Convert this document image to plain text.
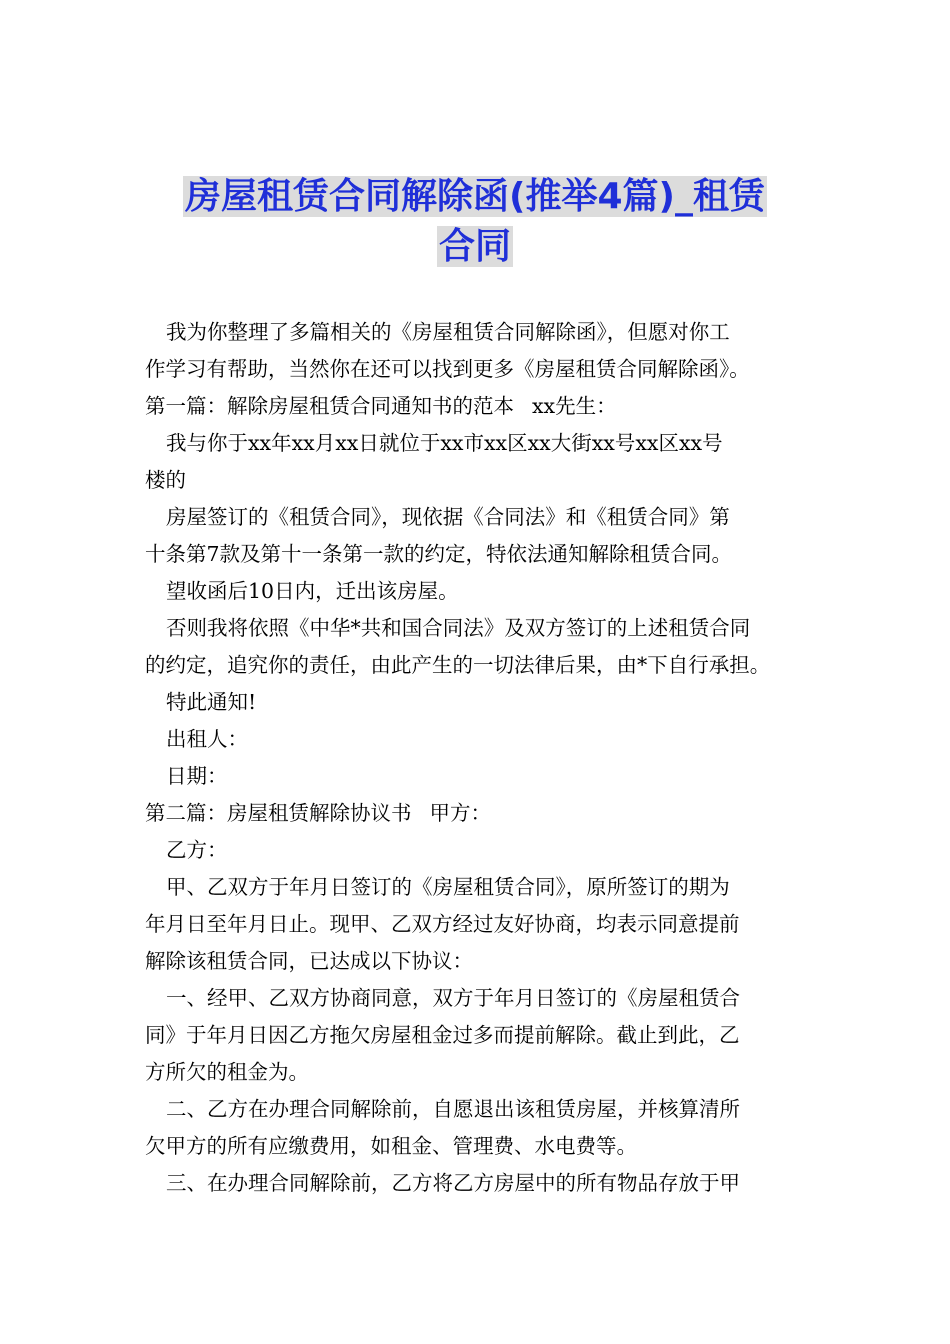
房屋租赁合同解除函(推举4篇)_租赁
合同

我为你整理了多篇相关的《房屋租赁合同解除函》，但愿对你工

作学习有帮助，当然你在还可以找到更多《房屋租赁合同解除函》。

第一篇：解除房屋租赁合同通知书的范本 xx先生：

我与你于xx年xx月xx日就位于xx市xx区xx大街xx号xx区xx号

楼的

房屋签订的《租赁合同》，现依据《合同法》和《租赁合同》第

十条第7款及第十一条第一款的约定，特依法通知解除租赁合同。

望收函后10日内，迁出该房屋。

否则我将依照《中华*共和国合同法》及双方签订的上述租赁合同

的约定，追究你的责任，由此产生的一切法律后果，由*下自行承担。

特此通知!

出租人：

日期：

第二篇：房屋租赁解除协议书 甲方：

乙方：

甲、乙双方于年月日签订的《房屋租赁合同》，原所签订的期为

年月日至年月日止。现甲、乙双方经过友好协商，均表示同意提前

解除该租赁合同，已达成以下协议：

一、经甲、乙双方协商同意，双方于年月日签订的《房屋租赁合

同》于年月日因乙方拖欠房屋租金过多而提前解除。截止到此，乙

方所欠的租金为。

二、乙方在办理合同解除前，自愿退出该租赁房屋，并核算清所

欠甲方的所有应缴费用，如租金、管理费、水电费等。

三、在办理合同解除前，乙方将乙方房屋中的所有物品存放于甲
